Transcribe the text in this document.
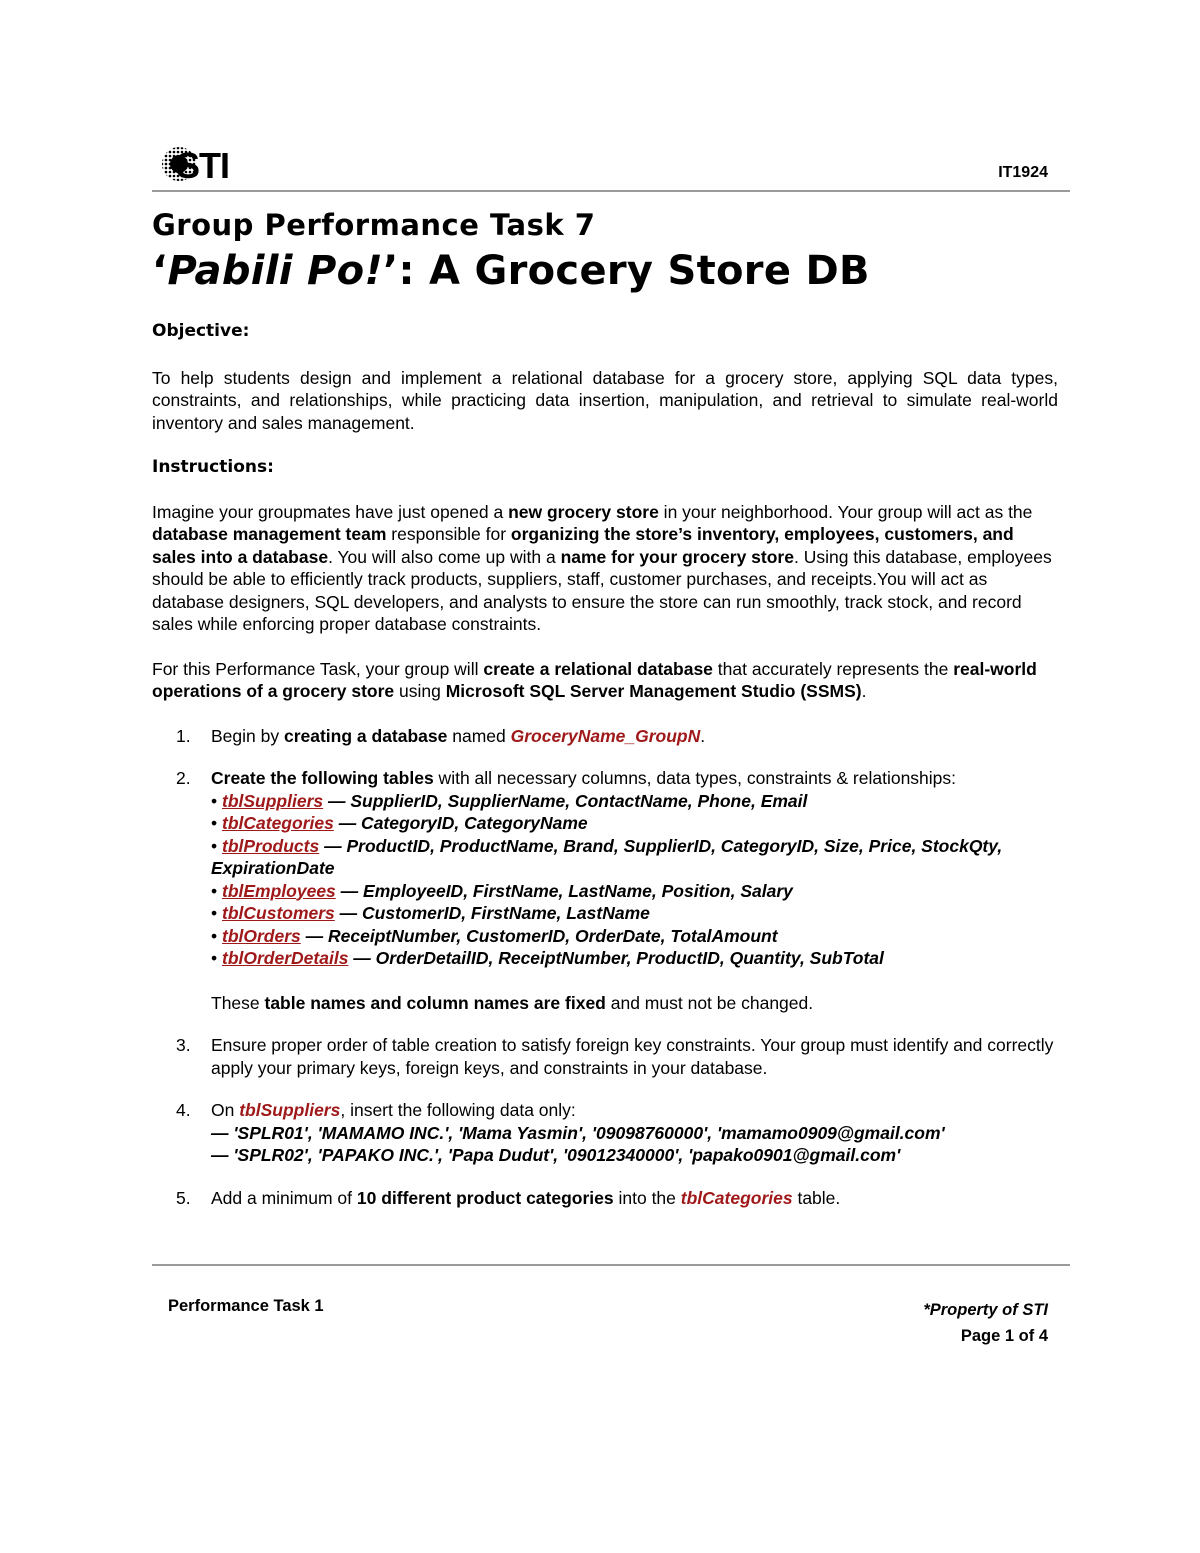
STI	IT1924
Group Performance Task 7
‘Pabili Po!’: A Grocery Store DB

Objective:

To help students design and implement a relational database for a grocery store, applying SQL data types, constraints, and relationships, while practicing data insertion, manipulation, and retrieval to simulate real-world inventory and sales management.

Instructions:

Imagine your groupmates have just opened a new grocery store in your neighborhood. Your group will act as the database management team responsible for organizing the store’s inventory, employees, customers, and sales into a database. You will also come up with a name for your grocery store. Using this database, employees should be able to efficiently track products, suppliers, staff, customer purchases, and receipts.You will act as database designers, SQL developers, and analysts to ensure the store can run smoothly, track stock, and record sales while enforcing proper database constraints.

For this Performance Task, your group will create a relational database that accurately represents the real-world operations of a grocery store using Microsoft SQL Server Management Studio (SSMS).

1. Begin by creating a database named GroceryName_GroupN.
2. Create the following tables with all necessary columns, data types, constraints & relationships:
• tblSuppliers — SupplierID, SupplierName, ContactName, Phone, Email
• tblCategories — CategoryID, CategoryName
• tblProducts — ProductID, ProductName, Brand, SupplierID, CategoryID, Size, Price, StockQty, ExpirationDate
• tblEmployees — EmployeeID, FirstName, LastName, Position, Salary
• tblCustomers — CustomerID, FirstName, LastName
• tblOrders — ReceiptNumber, CustomerID, OrderDate, TotalAmount
• tblOrderDetails — OrderDetailID, ReceiptNumber, ProductID, Quantity, SubTotal

These table names and column names are fixed and must not be changed.

3. Ensure proper order of table creation to satisfy foreign key constraints. Your group must identify and correctly apply your primary keys, foreign keys, and constraints in your database.
4. On tblSuppliers, insert the following data only:
— 'SPLR01', 'MAMAMO INC.', 'Mama Yasmin', '09098760000', 'mamamo0909@gmail.com'
— 'SPLR02', 'PAPAKO INC.', 'Papa Dudut', '09012340000', 'papako0901@gmail.com'
5. Add a minimum of 10 different product categories into the tblCategories table.
Performance Task 1	*Property of STI
Page 1 of 4
